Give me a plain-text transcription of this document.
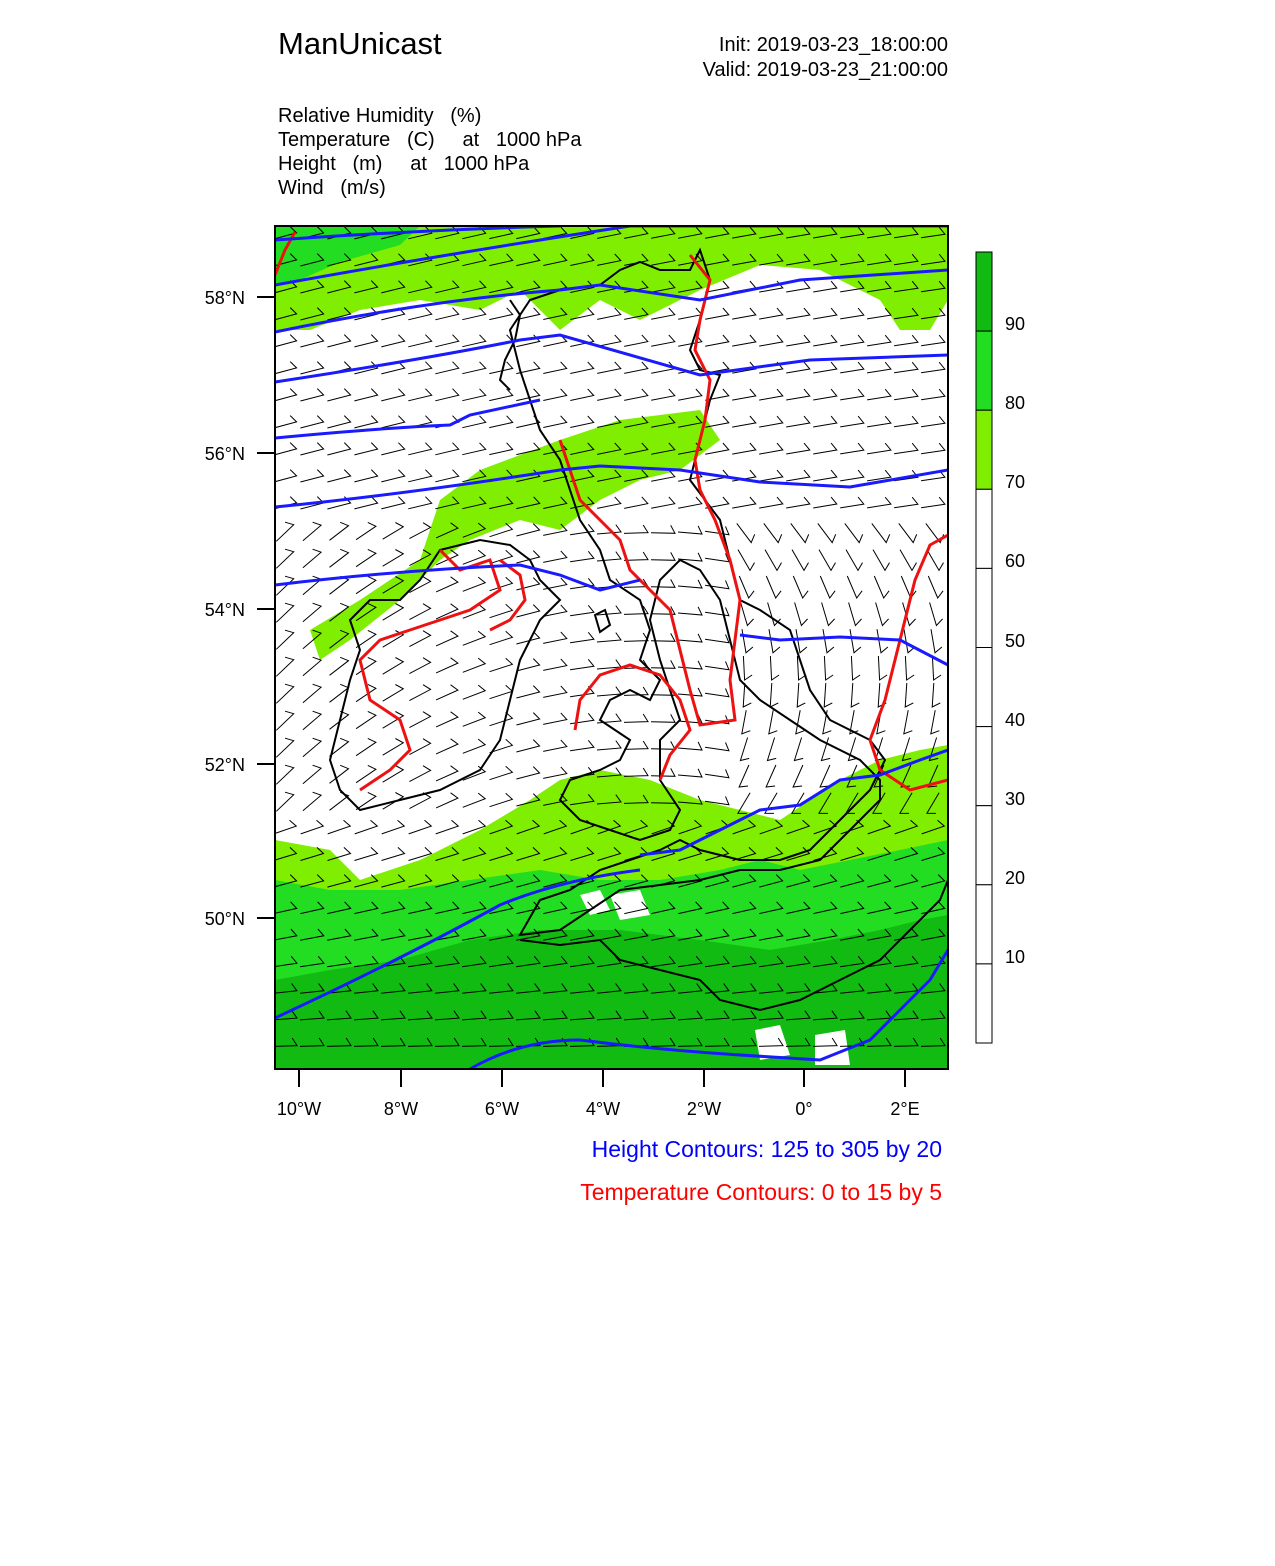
ManUnicast	Init: 2019-03-23_18:00:00
Valid: 2019-03-23_21:00:00
Relative Humidity   (%)
Temperature   (C)     at   1000 hPa
Height   (m)     at   1000 hPa
Wind   (m/s)
58°N
56°N
54°N
52°N
50°N
10°W	8°W	6°W	4°W	2°W	0°	2°E
90
80
70
60
50
40
30
20
10
Height Contours: 125 to 305 by 20
Temperature Contours: 0 to 15 by 5
